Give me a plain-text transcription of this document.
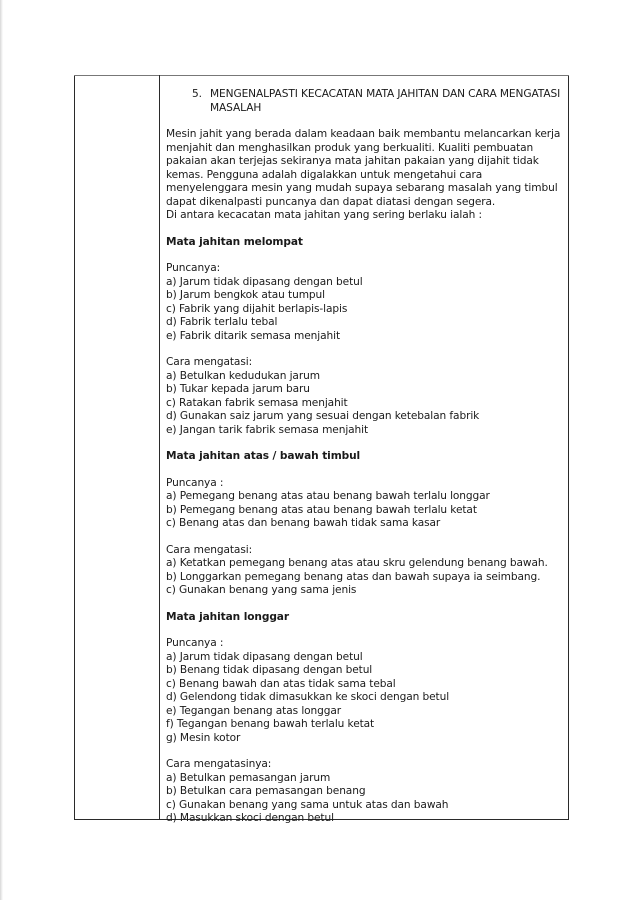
5. MENGENALPASTI KECACATAN MATA JAHITAN DAN CARA MENGATASI MASALAH

Mesin jahit yang berada dalam keadaan baik membantu melancarkan kerja menjahit dan menghasilkan produk yang berkualiti. Kualiti pembuatan pakaian akan terjejas sekiranya mata jahitan pakaian yang dijahit tidak kemas. Pengguna adalah digalakkan untuk mengetahui cara menyelenggara mesin yang mudah supaya sebarang masalah yang timbul dapat dikenalpasti puncanya dan dapat diatasi dengan segera.

Di antara kecacatan mata jahitan yang sering berlaku ialah :

Mata jahitan melompat

Puncanya:

a) Jarum tidak dipasang dengan betul
b) Jarum bengkok atau tumpul
c) Fabrik yang dijahit berlapis-lapis
d) Fabrik terlalu tebal
e) Fabrik ditarik semasa menjahit

Cara mengatasi:

a) Betulkan kedudukan jarum
b) Tukar kepada jarum baru
c) Ratakan fabrik semasa menjahit
d) Gunakan saiz jarum yang sesuai dengan ketebalan fabrik
e) Jangan tarik fabrik semasa menjahit

Mata jahitan atas / bawah timbul

Puncanya :

a) Pemegang benang atas atau benang bawah terlalu longgar
b) Pemegang benang atas atau benang bawah terlalu ketat
c) Benang atas dan benang bawah tidak sama kasar

Cara mengatasi:

a) Ketatkan pemegang benang atas atau skru gelendung benang bawah.
b) Longgarkan pemegang benang atas dan bawah supaya ia seimbang.
c) Gunakan benang yang sama jenis

Mata jahitan longgar

Puncanya :

a) Jarum tidak dipasang dengan betul
b) Benang tidak dipasang dengan betul
c) Benang bawah dan atas tidak sama tebal
d) Gelendong tidak dimasukkan ke skoci dengan betul
e) Tegangan benang atas longgar
f) Tegangan benang bawah terlalu ketat
g) Mesin kotor

Cara mengatasinya:

a) Betulkan pemasangan jarum
b) Betulkan cara pemasangan benang
c) Gunakan benang yang sama untuk atas dan bawah
d) Masukkan skoci dengan betul
